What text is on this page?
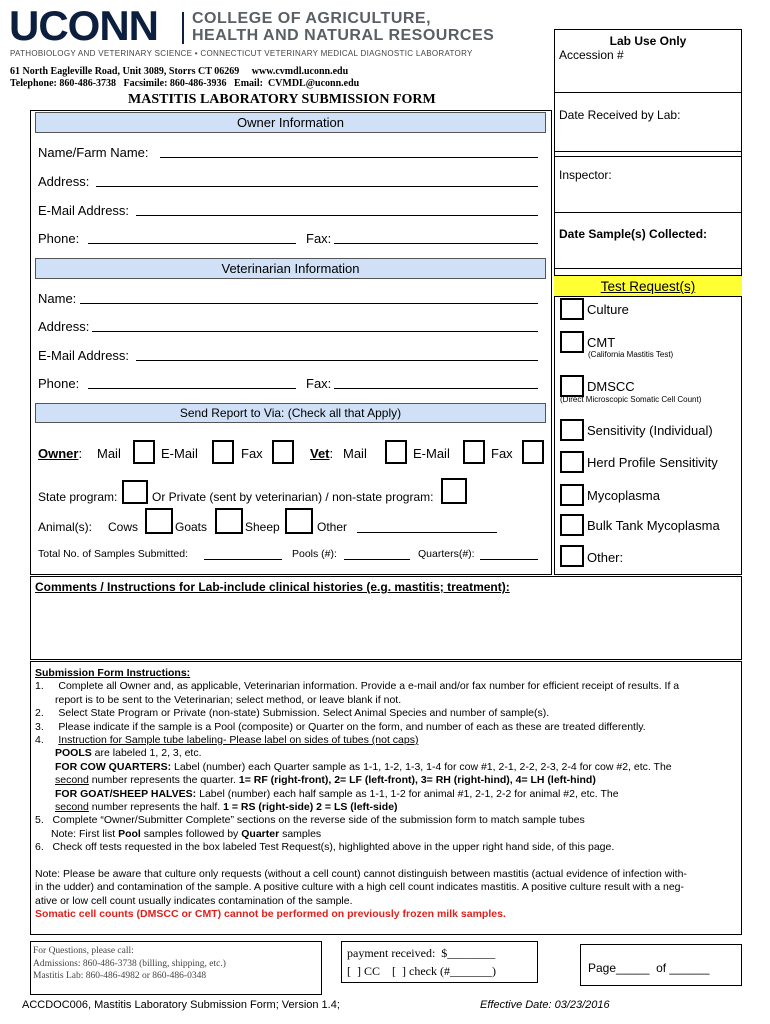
UCONN COLLEGE OF AGRICULTURE,
HEALTH AND NATURAL RESOURCES
PATHOBIOLOGY AND VETERINARY SCIENCE • CONNECTICUT VETERINARY MEDICAL DIAGNOSTIC LABORATORY
61 North Eagleville Road, Unit 3089, Storrs CT 06269     www.cvmdl.uconn.edu
Telephone: 860-486-3738   Facsimile: 860-486-3936   Email:  CVMDL@uconn.edu
MASTITIS LABORATORY SUBMISSION FORM
Owner Information
Name/Farm Name:
Address:
E-Mail Address:
Phone:	Fax:
Veterinarian Information
Name:
Address:
E-Mail Address:
Phone:	Fax:
Send Report to Via: (Check all that Apply)
Owner: Mail	E-Mail	Fax	Vet: Mail	E-Mail	Fax
State program:	Or Private (sent by veterinarian) / non-state program:
Animal(s): Cows	Goats	Sheep	Other
Total No. of Samples Submitted:	Pools (#):	Quarters(#):
Lab Use Only
Accession #
Date Received by Lab:
Inspector:
Date Sample(s) Collected:
Test Request(s)
Culture
CMT
(California Mastitis Test)
DMSCC
(Direct Microscopic Somatic Cell Count)
Sensitivity (Individual)
Herd Profile Sensitivity
Mycoplasma
Bulk Tank Mycoplasma
Other:
Comments / Instructions for Lab-include clinical histories (e.g. mastitis; treatment):
Submission Form Instructions:
1. Complete all Owner and, as applicable, Veterinarian information. Provide a e-mail and/or fax number for efficient receipt of results. If a
report is to be sent to the Veterinarian; select method, or leave blank if not.
2. Select State Program or Private (non-state) Submission. Select Animal Species and number of sample(s).
3. Please indicate if the sample is a Pool (composite) or Quarter on the form, and number of each as these are treated differently.
4. Instruction for Sample tube labeling- Please label on sides of tubes (not caps)
POOLS are labeled 1, 2, 3, etc.
FOR COW QUARTERS: Label (number) each Quarter sample as 1-1, 1-2, 1-3, 1-4 for cow #1, 2-1, 2-2, 2-3, 2-4 for cow #2, etc. The
second number represents the quarter. 1= RF (right-front), 2= LF (left-front), 3= RH (right-hind), 4= LH (left-hind)
FOR GOAT/SHEEP HALVES: Label (number) each half sample as 1-1, 1-2 for animal #1, 2-1, 2-2 for animal #2, etc. The
second number represents the half. 1 = RS (right-side) 2 = LS (left-side)
5. Complete “Owner/Submitter Complete” sections on the reverse side of the submission form to match sample tubes
Note: First list Pool samples followed by Quarter samples
6. Check off tests requested in the box labeled Test Request(s), highlighted above in the upper right hand side, of this page.
Note: Please be aware that culture only requests (without a cell count) cannot distinguish between mastitis (actual evidence of infection with-
in the udder) and contamination of the sample. A positive culture with a high cell count indicates mastitis. A positive culture result with a neg-
ative or low cell count usually indicates contamination of the sample.
Somatic cell counts (DMSCC or CMT) cannot be performed on previously frozen milk samples.
For Questions, please call:
Admissions: 860-486-3738 (billing, shipping, etc.)
Mastitis Lab: 860-486-4982 or 860-486-0348
payment received:  $________
[  ] CC    [  ] check (#_______)	Page_____  of ______
ACCDOC006, Mastitis Laboratory Submission Form; Version 1.4;	Effective Date: 03/23/2016
